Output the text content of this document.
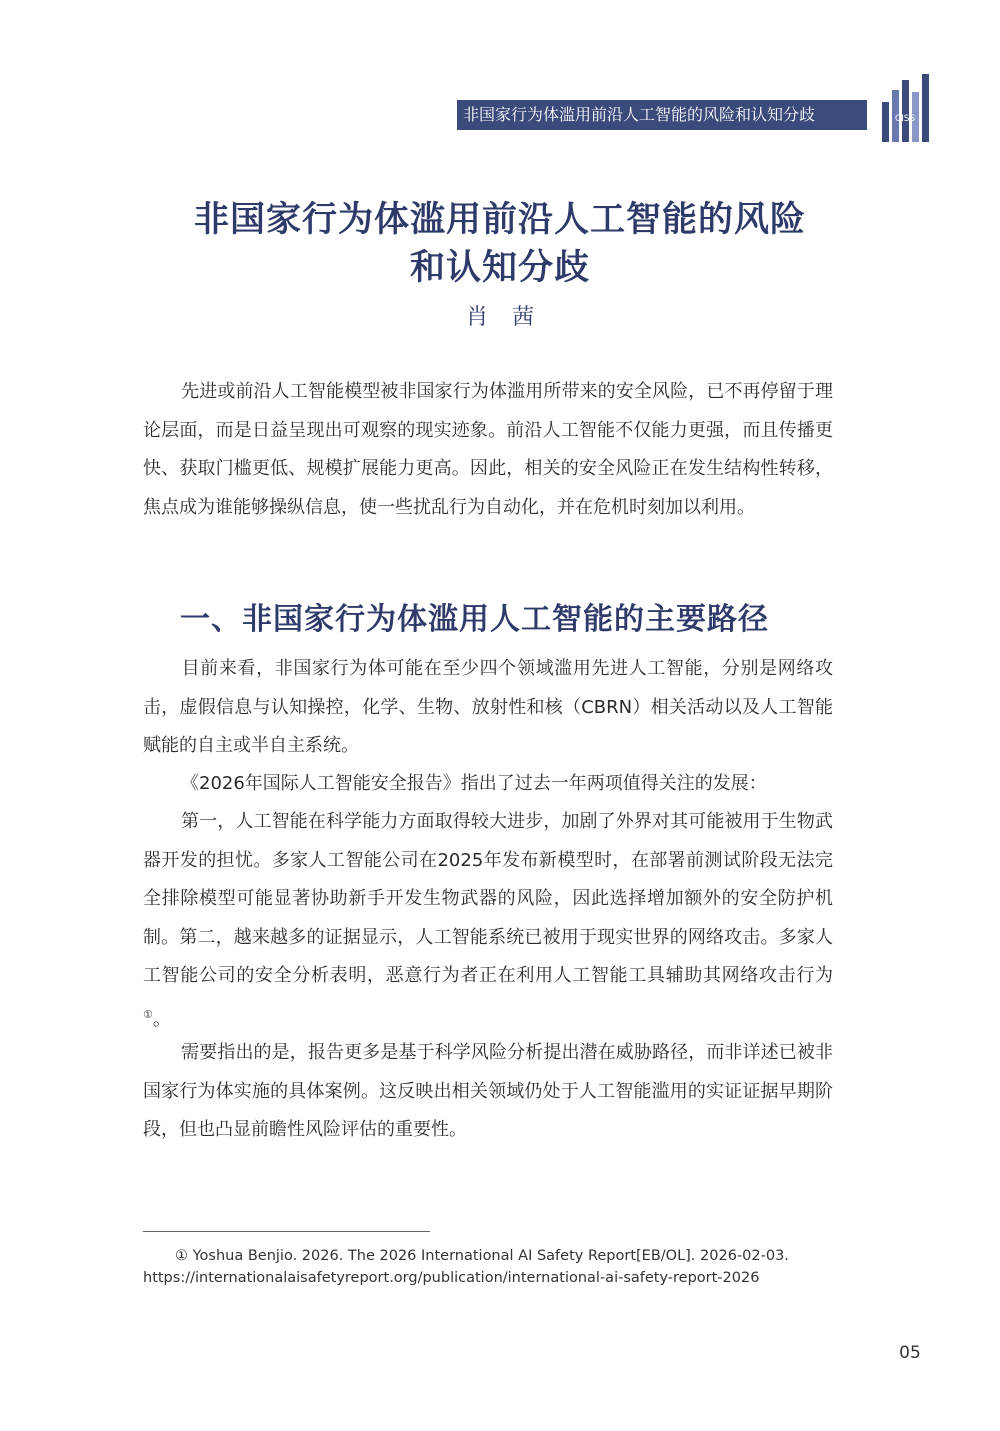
非国家行为体滥用前沿人工智能的风险和认知分歧	CISS
非国家行为体滥用前沿人工智能的风险
和认知分歧
肖茜

先进或前沿人工智能模型被非国家行为体滥用所带来的安全风险，已不再停留于理论层面，而是日益呈现出可观察的现实迹象。前沿人工智能不仅能力更强，而且传播更快、获取门槛更低、规模扩展能力更高。因此，相关的安全风险正在发生结构性转移，焦点成为谁能够操纵信息，使一些扰乱行为自动化，并在危机时刻加以利用。

一、非国家行为体滥用人工智能的主要路径

目前来看，非国家行为体可能在至少四个领域滥用先进人工智能，分别是网络攻击，虚假信息与认知操控，化学、生物、放射性和核（CBRN）相关活动以及人工智能赋能的自主或半自主系统。

《2026年国际人工智能安全报告》指出了过去一年两项值得关注的发展：

第一，人工智能在科学能力方面取得较大进步，加剧了外界对其可能被用于生物武器开发的担忧。多家人工智能公司在2025年发布新模型时，在部署前测试阶段无法完全排除模型可能显著协助新手开发生物武器的风险，因此选择增加额外的安全防护机制。第二，越来越多的证据显示，人工智能系统已被用于现实世界的网络攻击。多家人工智能公司的安全分析表明，恶意行为者正在利用人工智能工具辅助其网络攻击行为①。

需要指出的是，报告更多是基于科学风险分析提出潜在威胁路径，而非详述已被非国家行为体实施的具体案例。这反映出相关领域仍处于人工智能滥用的实证证据早期阶段，但也凸显前瞻性风险评估的重要性。

① Yoshua Benjio. 2026. The 2026 International AI Safety Report[EB/OL]. 2026-02-03.

https://internationalaisafetyreport.org/publication/international-ai-safety-report-2026

05
